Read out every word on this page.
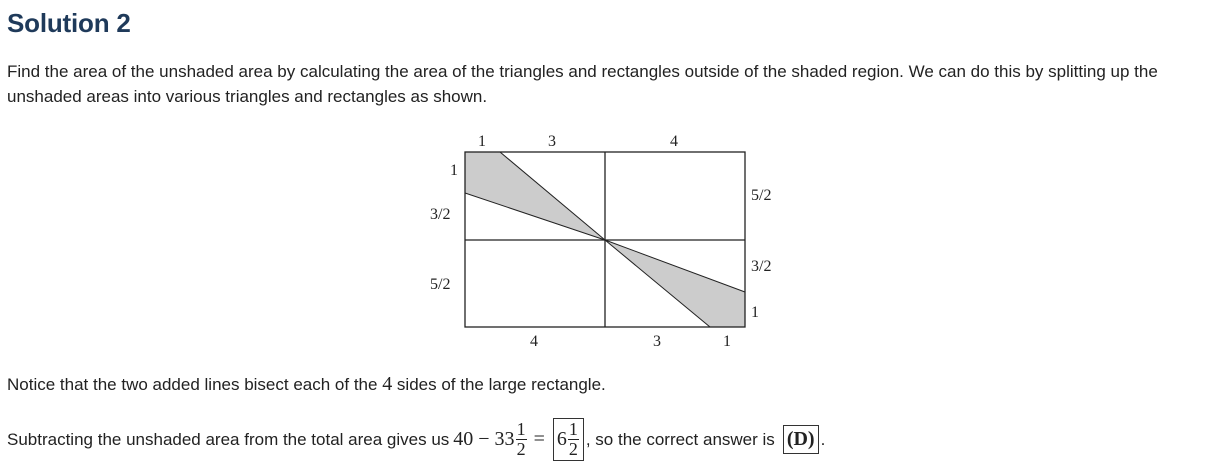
Solution 2

Find the area of the unshaded area by calculating the area of the triangles and rectangles outside of the shaded region. We can do this by splitting up the unshaded areas into various triangles and rectangles as shown.

1	3	4
1
3/2
5/2
5/2
3/2
1
4	3	1

Notice that the two added lines bisect each of the 4 sides of the large rectangle.

Subtracting the unshaded area from the total area gives us $40 - 33 \frac{1}{2} = 6 \frac{1}{2}$ , so the correct answer is (D) .
